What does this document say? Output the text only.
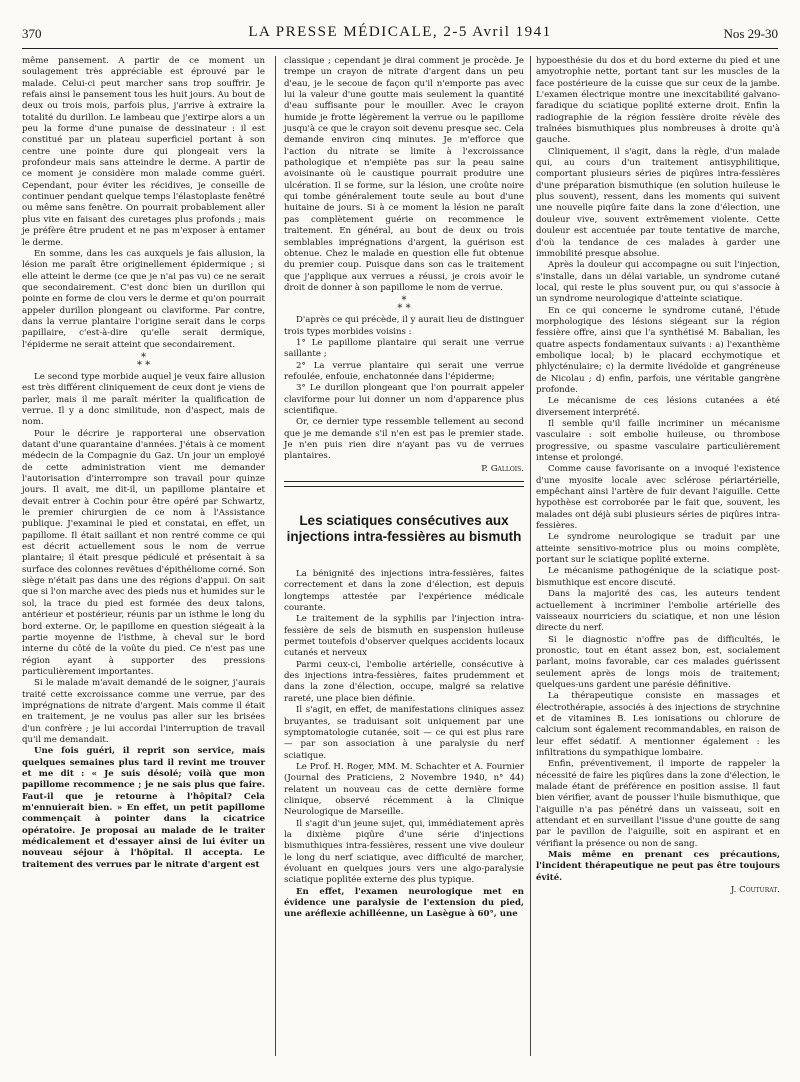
370	LA PRESSE MÉDICALE, 2-5 Avril 1941	Nos 29-30

même pansement. A partir de ce moment un soulagement très appréciable est éprouvé par le malade. Celui-ci peut marcher sans trop souffrir. Je refais ainsi le pansement tous les huit jours. Au bout de deux ou trois mois, parfois plus, j'arrive à extraire la totalité du durillon. Le lambeau que j'extirpe alors a un peu la forme d'une punaise de dessinateur : il est constitué par un plateau superficiel portant à son centre une pointe dure qui plongeait vers la profondeur mais sans atteindre le derme. A partir de ce moment je considère mon malade comme guéri. Cependant, pour éviter les récidives, je conseille de continuer pendant quelque temps l'élastoplaste fenêtré ou même sans fenêtre. On pourrait probablement aller plus vite en faisant des curetages plus profonds ; mais je préfère être prudent et ne pas m'exposer à entamer le derme.

En somme, dans les cas auxquels je fais allusion, la lésion me paraît être originellement épidermique ; si elle atteint le derme (ce que je n'ai pas vu) ce ne serait que secondairement. C'est donc bien un durillon qui pointe en forme de clou vers le derme et qu'on pourrait appeler durillon plongeant ou claviforme. Par contre, dans la verrue plantaire l'origine serait dans le corps papillaire, c'est-à-dire qu'elle serait dermique, l'épiderme ne serait atteint que secondairement.

*
* *

Le second type morbide auquel je veux faire allusion est très différent cliniquement de ceux dont je viens de parler, mais il me paraît mériter la qualification de verrue. Il y a donc similitude, non d'aspect, mais de nom.

Pour le décrire je rapporterai une observation datant d'une quarantaine d'années. J'étais à ce moment médecin de la Compagnie du Gaz. Un jour un employé de cette administration vient me demander l'autorisation d'interrompre son travail pour quinze jours. Il avait, me dit-il, un papillome plantaire et devait entrer à Cochin pour être opéré par Schwartz, le premier chirurgien de ce nom à l'Assistance publique. J'examinai le pied et constatai, en effet, un papillome. Il était saillant et non rentré comme ce qui est décrit actuellement sous le nom de verrue plantaire; il était presque pédiculé et présentait à sa surface des colonnes revêtues d'épithéliome corné. Son siège n'était pas dans une des régions d'appui. On sait que si l'on marche avec des pieds nus et humides sur le sol, la trace du pied est formée des deux talons, antérieur et postérieur, réunis par un isthme le long du bord externe. Or, le papillome en question siégeait à la partie moyenne de l'isthme, à cheval sur le bord interne du côté de la voûte du pied. Ce n'est pas une région ayant à supporter des pressions particulièrement importantes.

Si le malade m'avait demandé de le soigner, j'aurais traité cette excroissance comme une verrue, par des imprégnations de nitrate d'argent. Mais comme il était en traitement, je ne voulus pas aller sur les brisées d'un confrère ; je lui accordai l'interruption de travail qu'il me demandait.

Une fois guéri, il reprit son service, mais quelques semaines plus tard il revint me trouver et me dit : « Je suis désolé; voilà que mon papillome recommence ; je ne sais plus que faire. Faut-il que je retourne à l'hôpital? Cela m'ennuierait bien. » En effet, un petit papillome commençait à pointer dans la cicatrice opératoire. Je proposai au malade de le traiter médicalement et d'essayer ainsi de lui éviter un nouveau séjour à l'hôpital. Il accepta. Le traitement des verrues par le nitrate d'argent est

classique ; cependant je dirai comment je procède. Je trempe un crayon de nitrate d'argent dans un peu d'eau, je le secoue de façon qu'il n'emporte pas avec lui la valeur d'une goutte mais seulement la quantité d'eau suffisante pour le mouiller. Avec le crayon humide je frotte légèrement la verrue ou le papillome jusqu'à ce que le crayon soit devenu presque sec. Cela demande environ cinq minutes. Je m'efforce que l'action du nitrate se limite à l'excroissance pathologique et n'empiète pas sur la peau saine avoisinante où le caustique pourrait produire une ulcération. Il se forme, sur la lésion, une croûte noire qui tombe généralement toute seule au bout d'une huitaine de jours. Si à ce moment la lésion ne paraît pas complètement guérie on recommence le traitement. En général, au bout de deux ou trois semblables imprégnations d'argent, la guérison est obtenue. Chez le malade en question elle fut obtenue du premier coup. Puisque dans son cas le traitement que j'applique aux verrues a réussi, je crois avoir le droit de donner à son papillome le nom de verrue.

*
* *

D'après ce qui précède, il y aurait lieu de distinguer trois types morbides voisins :

1° Le papillome plantaire qui serait une verrue saillante ;

2° La verrue plantaire qui serait une verrue refoulée, enfouie, enchatonnée dans l'épiderme;

3° Le durillon plongeant que l'on pourrait appeler claviforme pour lui donner un nom d'apparence plus scientifique.

Or, ce dernier type ressemble tellement au second que je me demande s'il n'en est pas le premier stade. Je n'en puis rien dire n'ayant pas vu de verrues plantaires.

P. Gallois.
Les sciatiques consécutives aux injections intra-fessières au bismuth

La bénignité des injections intra-fessières, faites correctement et dans la zone d'élection, est depuis longtemps attestée par l'expérience médicale courante.

Le traitement de la syphilis par l'injection intra-fessière de sels de bismuth en suspension huileuse permet toutefois d'observer quelques accidents locaux cutanés et nerveux

Parmi ceux-ci, l'embolie artérielle, consécutive à des injections intra-fessières, faites prudemment et dans la zone d'élection, occupe, malgré sa relative rareté, une place bien définie.

Il s'agit, en effet, de manifestations cliniques assez bruyantes, se traduisant soit uniquement par une symptomatologie cutanée, soit — ce qui est plus rare — par son association à une paralysie du nerf sciatique.

Le Prof. H. Roger, MM. M. Schachter et A. Fournier (Journal des Praticiens, 2 Novembre 1940, n° 44) relatent un nouveau cas de cette dernière forme clinique, observé récemment à la Clinique Neurologique de Marseille.

Il s'agit d'un jeune sujet, qui, immédiatement après la dixième piqûre d'une série d'injections bismuthiques intra-fessières, ressent une vive douleur le long du nerf sciatique, avec difficulté de marcher, évoluant en quelques jours vers une algo-paralysie sciatique poplitée externe des plus typique.

En effet, l'examen neurologique met en évidence une paralysie de l'extension du pied, une aréflexie achilléenne, un Lasègue à 60°, une

hypoesthésie du dos et du bord externe du pied et une amyotrophie nette, portant tant sur les muscles de la face postérieure de la cuisse que sur ceux de la jambe. L'examen électrique montre une inexcitabilité galvano-faradique du sciatique poplité externe droit. Enfin la radiographie de la région fessière droite révèle des traînées bismuthiques plus nombreuses à droite qu'à gauche.

Cliniquement, il s'agit, dans la règle, d'un malade qui, au cours d'un traitement antisyphilitique, comportant plusieurs séries de piqûres intra-fessières d'une préparation bismuthique (en solution huileuse le plus souvent), ressent, dans les moments qui suivent une nouvelle piqûre faite dans la zone d'élection, une douleur vive, souvent extrêmement violente. Cette douleur est accentuée par toute tentative de marche, d'où la tendance de ces malades à garder une immobilité presque absolue.

Après la douleur qui accompagne ou suit l'injection, s'installe, dans un délai variable, un syndrome cutané local, qui reste le plus souvent pur, ou qui s'associe à un syndrome neurologique d'atteinte sciatique.

En ce qui concerne le syndrome cutané, l'étude morphologique des lésions siégeant sur la région fessière offre, ainsi que l'a synthétisé M. Babalian, les quatre aspects fondamentaux suivants : a) l'exanthème embolique local; b) le placard ecchymotique et phlycténulaire; c) la dermite livédoïde et gangréneuse de Nicolau ; d) enfin, parfois, une véritable gangrène profonde.

Le mécanisme de ces lésions cutanées a été diversement interprété.

Il semble qu'il faille incriminer un mécanisme vasculaire : soit embolie huileuse, ou thrombose progressive, ou spasme vasculaire particulièrement intense et prolongé.

Comme cause favorisante on a invoqué l'existence d'une myosite locale avec sclérose périartérielle, empêchant ainsi l'artère de fuir devant l'aiguille. Cette hypothèse est corroborée par le fait que, souvent, les malades ont déjà subi plusieurs séries de piqûres intra-fessières.

Le syndrome neurologique se traduit par une atteinte sensitivo-motrice plus ou moins complète, portant sur le sciatique poplité externe.

Le mécanisme pathogénique de la sciatique post-bismuthique est encore discuté.

Dans la majorité des cas, les auteurs tendent actuellement à incriminer l'embolie artérielle des vaisseaux nourriciers du sciatique, et non une lésion directe du nerf.

Si le diagnostic n'offre pas de difficultés, le pronostic, tout en étant assez bon, est, socialement parlant, moins favorable, car ces malades guérissent seulement après de longs mois de traitement; quelques-uns gardent une parésie définitive.

La thérapeutique consiste en massages et électrothérapie, associés à des injections de strychnine et de vitamines B. Les ionisations ou chlorure de calcium sont également recommandables, en raison de leur effet sédatif. A mentionner également : les infiltrations du sympathique lombaire.

Enfin, préventivement, il importe de rappeler la nécessité de faire les piqûres dans la zone d'élection, le malade étant de préférence en position assise. Il faut bien vérifier, avant de pousser l'huile bismuthique, que l'aiguille n'a pas pénétré dans un vaisseau, soit en attendant et en surveillant l'issue d'une goutte de sang par le pavillon de l'aiguille, soit en aspirant et en vérifiant la présence ou non de sang.

Mais même en prenant ces précautions, l'incident thérapeutique ne peut pas être toujours évité.

J. Couturat.
